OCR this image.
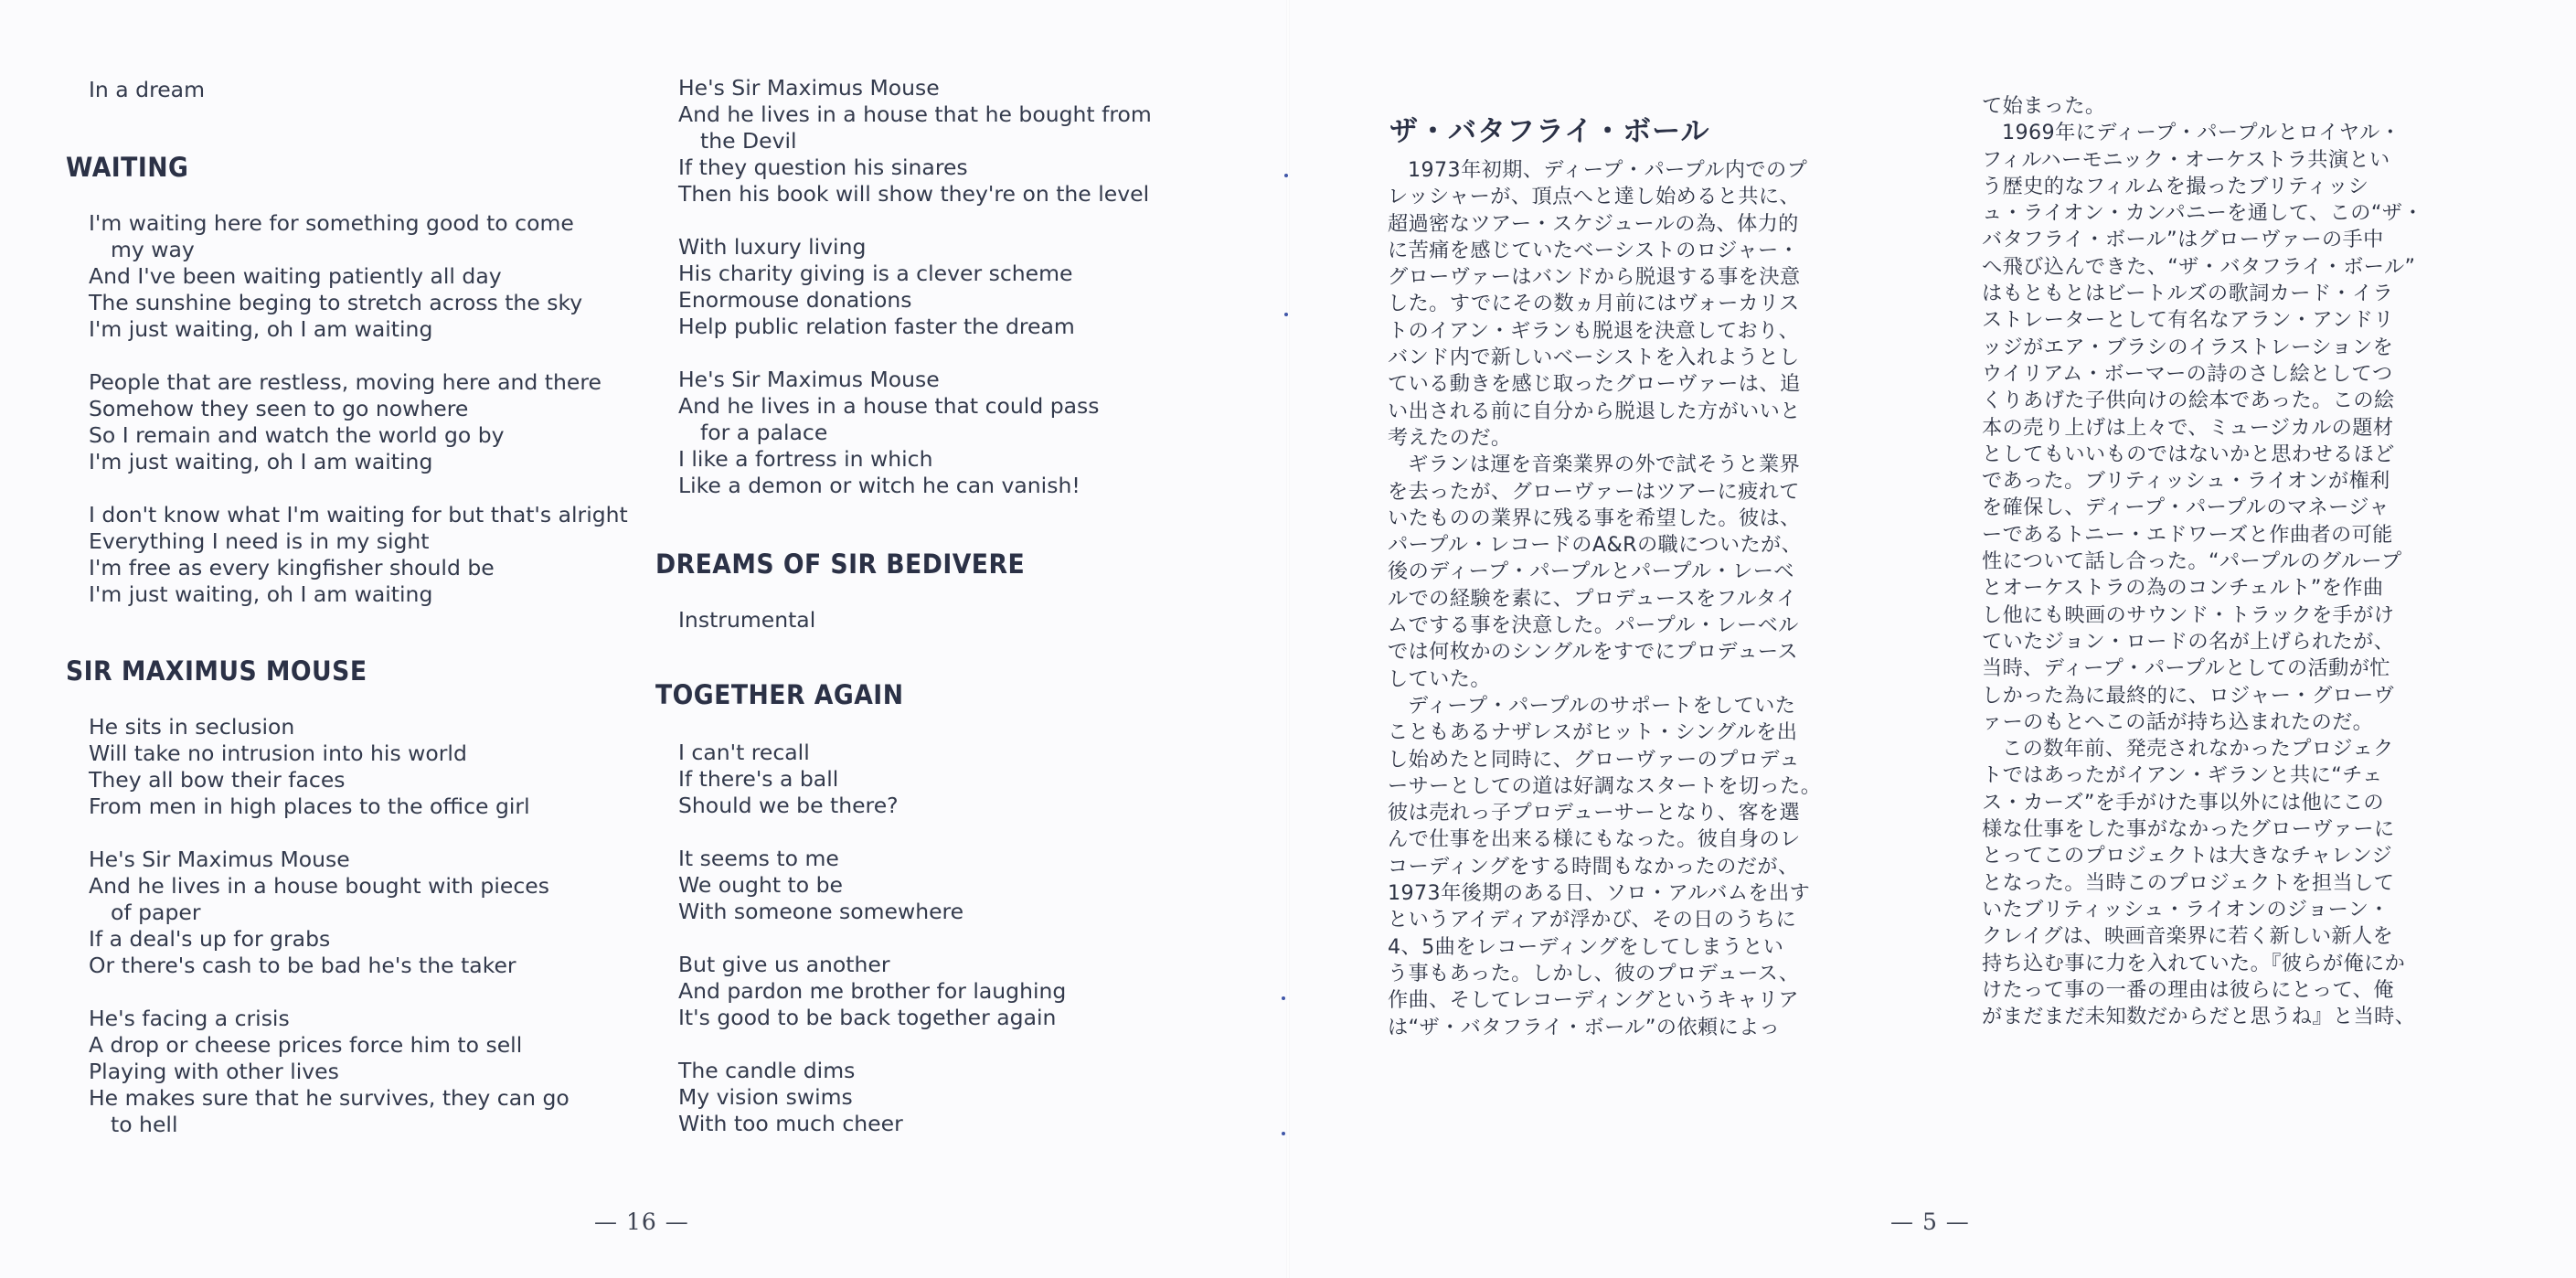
In a dream
WAITING
I'm waiting here for something good to come
my way
And I've been waiting patiently all day
The sunshine beging to stretch across the sky
I'm just waiting, oh I am waiting
People that are restless, moving here and there
Somehow they seen to go nowhere
So I remain and watch the world go by
I'm just waiting, oh I am waiting
I don't know what I'm waiting for but that's alright
Everything I need is in my sight
I'm free as every kingfisher should be
I'm just waiting, oh I am waiting
SIR MAXIMUS MOUSE
He sits in seclusion
Will take no intrusion into his world
They all bow their faces
From men in high places to the office girl
He's Sir Maximus Mouse
And he lives in a house bought with pieces
of paper
If a deal's up for grabs
Or there's cash to be bad he's the taker
He's facing a crisis
A drop or cheese prices force him to sell
Playing with other lives
He makes sure that he survives, they can go
to hell
He's Sir Maximus Mouse
And he lives in a house that he bought from
the Devil
If they question his sinares
Then his book will show they're on the level
With luxury living
His charity giving is a clever scheme
Enormouse donations
Help public relation faster the dream
He's Sir Maximus Mouse
And he lives in a house that could pass
for a palace
I like a fortress in which
Like a demon or witch he can vanish!
DREAMS OF SIR BEDIVERE
Instrumental
TOGETHER AGAIN
I can't recall
If there's a ball
Should we be there?
It seems to me
We ought to be
With someone somewhere
But give us another
And pardon me brother for laughing
It's good to be back together again
The candle dims
My vision swims
With too much cheer
— 16 —
ザ・バタフライ・ボール
1973年初期、ディープ・パープル内でのプ
レッシャーが、頂点へと達し始めると共に、
超過密なツアー・スケジュールの為、体力的
に苦痛を感じていたベーシストのロジャー・
グローヴァーはバンドから脱退する事を決意
した。すでにその数ヵ月前にはヴォーカリス
トのイアン・ギランも脱退を決意しており、
バンド内で新しいベーシストを入れようとし
ている動きを感じ取ったグローヴァーは、追
い出される前に自分から脱退した方がいいと
考えたのだ。
ギランは運を音楽業界の外で試そうと業界
を去ったが、グローヴァーはツアーに疲れて
いたものの業界に残る事を希望した。彼は、
パープル・レコードのA&Rの職についたが、
後のディープ・パープルとパープル・レーベ
ルでの経験を素に、プロデュースをフルタイ
ムでする事を決意した。パープル・レーベル
では何枚かのシングルをすでにプロデュース
していた。
ディープ・パープルのサポートをしていた
こともあるナザレスがヒット・シングルを出
し始めたと同時に、グローヴァーのプロデュ
ーサーとしての道は好調なスタートを切った。
彼は売れっ子プロデューサーとなり、客を選
んで仕事を出来る様にもなった。彼自身のレ
コーディングをする時間もなかったのだが、
1973年後期のある日、ソロ・アルバムを出す
というアイディアが浮かび、その日のうちに
4、5曲をレコーディングをしてしまうとい
う事もあった。しかし、彼のプロデュース、
作曲、そしてレコーディングというキャリア
は“ザ・バタフライ・ボール”の依頼によっ
て始まった。
1969年にディープ・パープルとロイヤル・
フィルハーモニック・オーケストラ共演とい
う歴史的なフィルムを撮ったブリティッシ
ュ・ライオン・カンパニーを通して、この“ザ・
バタフライ・ボール”はグローヴァーの手中
へ飛び込んできた、“ザ・バタフライ・ボール”
はもともとはビートルズの歌詞カード・イラ
ストレーターとして有名なアラン・アンドリ
ッジがエア・ブラシのイラストレーションを
ウイリアム・ボーマーの詩のさし絵としてつ
くりあげた子供向けの絵本であった。この絵
本の売り上げは上々で、ミュージカルの題材
としてもいいものではないかと思わせるほど
であった。ブリティッシュ・ライオンが権利
を確保し、ディープ・パープルのマネージャ
ーであるトニー・エドワーズと作曲者の可能
性について話し合った。“パープルのグループ
とオーケストラの為のコンチェルト”を作曲
し他にも映画のサウンド・トラックを手がけ
ていたジョン・ロードの名が上げられたが、
当時、ディープ・パープルとしての活動が忙
しかった為に最終的に、ロジャー・グローヴ
ァーのもとへこの話が持ち込まれたのだ。
この数年前、発売されなかったプロジェク
トではあったがイアン・ギランと共に“チェ
ス・カーズ”を手がけた事以外には他にこの
様な仕事をした事がなかったグローヴァーに
とってこのプロジェクトは大きなチャレンジ
となった。当時このプロジェクトを担当して
いたブリティッシュ・ライオンのジョーン・
クレイグは、映画音楽界に若く新しい新人を
持ち込む事に力を入れていた。『彼らが俺にか
けたって事の一番の理由は彼らにとって、俺
がまだまだ未知数だからだと思うね』と当時、
— 5 —
